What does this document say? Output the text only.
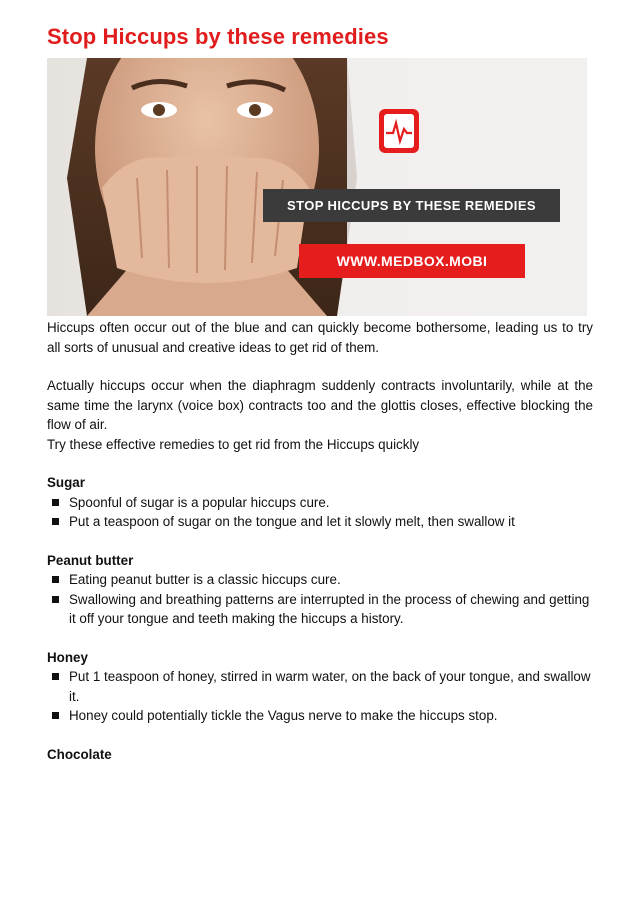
Stop Hiccups by these remedies
STOP HICCUPS BY THESE REMEDIES
WWW.MEDBOX.MOBI

Hiccups often occur out of the blue and can quickly become bothersome, leading us to try all sorts of unusual and creative ideas to get rid of them.

Actually hiccups occur when the diaphragm suddenly contracts involuntarily, while at the same time the larynx (voice box) contracts too and the glottis closes, effective blocking the flow of air.

Try these effective remedies to get rid from the Hiccups quickly

Sugar

Spoonful of sugar is a popular hiccups cure.
Put a teaspoon of sugar on the tongue and let it slowly melt, then swallow it

Peanut butter

Eating peanut butter is a classic hiccups cure.
Swallowing and breathing patterns are interrupted in the process of chewing and getting it off your tongue and teeth making the hiccups a history.

Honey

Put 1 teaspoon of honey, stirred in warm water, on the back of your tongue, and swallow it.
Honey could potentially tickle the Vagus nerve to make the hiccups stop.

Chocolate
